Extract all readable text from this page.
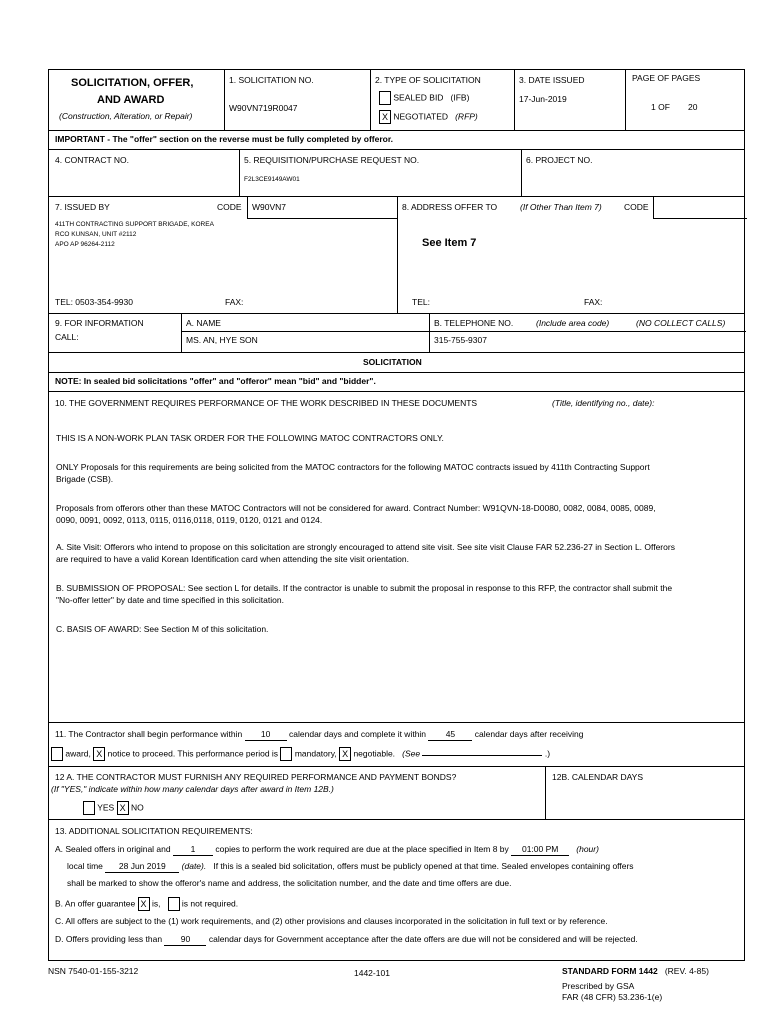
SOLICITATION, OFFER,
AND AWARD
(Construction, Alteration, or Repair)
1. SOLICITATION NO.
W90VN719R0047
2. TYPE OF SOLICITATION
SEALED BID (IFB)
X NEGOTIATED (RFP)
3. DATE ISSUED
17-Jun-2019
PAGE OF PAGES
1 OF 20
IMPORTANT - The "offer" section on the reverse must be fully completed by offeror.
4. CONTRACT NO.	5. REQUISITION/PURCHASE REQUEST NO.
F2L3CE9149AW01
6. PROJECT NO.
7. ISSUED BY	CODE W90VN7
411TH CONTRACTING SUPPORT BRIGADE, KOREA
RCO KUNSAN, UNIT #2112
APO AP 96264-2112
TEL: 0503-354-9930	FAX:
8. ADDRESS OFFER TO	(If Other Than Item 7)	CODE
See Item 7
TEL:	FAX:
9. FOR INFORMATION
CALL:
A. NAME
MS. AN, HYE SON
B. TELEPHONE NO.	(Include area code)	(NO COLLECT CALLS)
315-755-9307
SOLICITATION
NOTE: In sealed bid solicitations "offer" and "offeror" mean "bid" and "bidder".
10. THE GOVERNMENT REQUIRES PERFORMANCE OF THE WORK DESCRIBED IN THESE DOCUMENTS	(Title, identifying no., date):
THIS IS A NON-WORK PLAN TASK ORDER FOR THE FOLLOWING MATOC CONTRACTORS ONLY.
ONLY Proposals for this requirements are being solicited from the MATOC contractors for the following MATOC contracts issued by 411th Contracting Support Brigade (CSB).
Proposals from offerors other than these MATOC Contractors will not be considered for award. Contract Number: W91QVN-18-D0080, 0082, 0084, 0085, 0089, 0090, 0091, 0092, 0113, 0115, 0116,0118, 0119, 0120, 0121 and 0124.
A. Site Visit: Offerors who intend to propose on this solicitation are strongly encouraged to attend site visit. See site visit Clause FAR 52.236-27 in Section L. Offerors are required to have a valid Korean Identification card when attending the site visit orientation.
B. SUBMISSION OF PROPOSAL: See section L for details. If the contractor is unable to submit the proposal in response to this RFP, the contractor shall submit the "No-offer letter" by date and time specified in this solicitation.
C. BASIS OF AWARD: See Section M of this solicitation.
11. The Contractor shall begin performance within 10 calendar days and complete it within 45 calendar days after receiving
award, X notice to proceed. This performance period is mandatory, X negotiable. (See	.)
12 A. THE CONTRACTOR MUST FURNISH ANY REQUIRED PERFORMANCE AND PAYMENT BONDS?
(If "YES," indicate within how many calendar days after award in Item 12B.)
YES X NO
12B. CALENDAR DAYS
13. ADDITIONAL SOLICITATION REQUIREMENTS:
A. Sealed offers in original and 1 copies to perform the work required are due at the place specified in Item 8 by 01:00 PM (hour)
local time 28 Jun 2019 (date). If this is a sealed bid solicitation, offers must be publicly opened at that time. Sealed envelopes containing offers
shall be marked to show the offeror's name and address, the solicitation number, and the date and time offers are due.
B. An offer guarantee X is,	is not required.
C. All offers are subject to the (1) work requirements, and (2) other provisions and clauses incorporated in the solicitation in full text or by reference.
D. Offers providing less than 90 calendar days for Government acceptance after the date offers are due will not be considered and will be rejected.
NSN 7540-01-155-3212	1442-101	STANDARD FORM 1442 (REV. 4-85)
Prescribed by GSA
FAR (48 CFR) 53.236-1(e)
